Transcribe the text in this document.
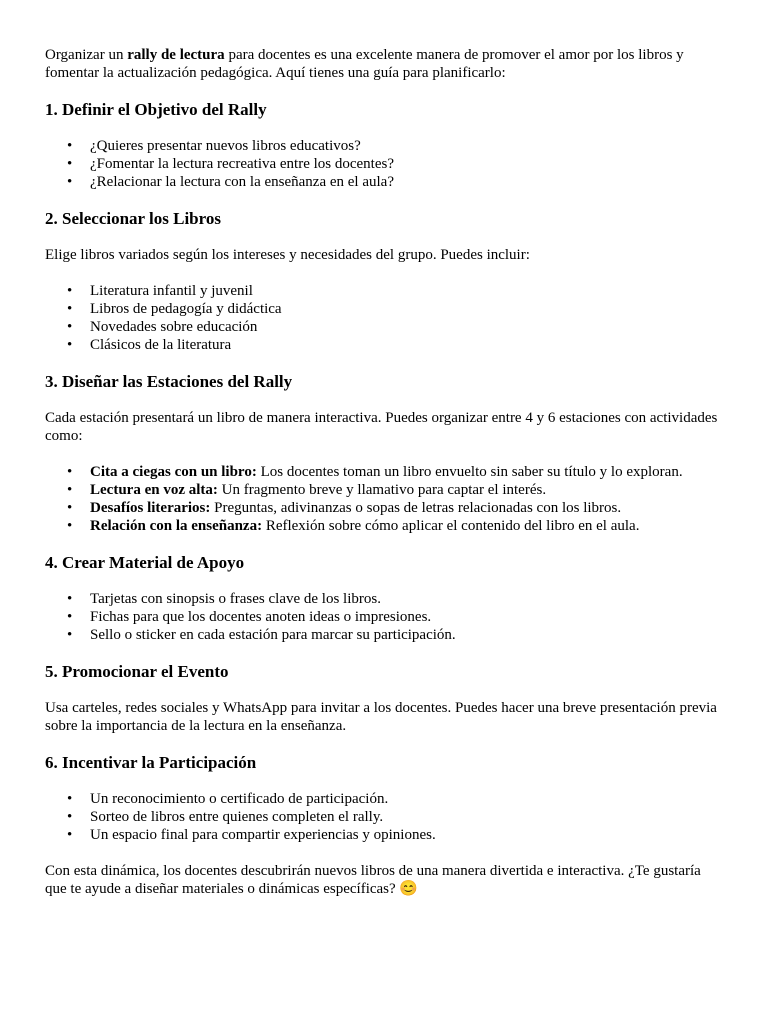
Organizar un rally de lectura para docentes es una excelente manera de promover el amor por los libros y fomentar la actualización pedagógica. Aquí tienes una guía para planificarlo:

1. Definir el Objetivo del Rally
• ¿Quieres presentar nuevos libros educativos?
• ¿Fomentar la lectura recreativa entre los docentes?
• ¿Relacionar la lectura con la enseñanza en el aula?
2. Seleccionar los Libros

Elige libros variados según los intereses y necesidades del grupo. Puedes incluir:

• Literatura infantil y juvenil
• Libros de pedagogía y didáctica
• Novedades sobre educación
• Clásicos de la literatura
3. Diseñar las Estaciones del Rally

Cada estación presentará un libro de manera interactiva. Puedes organizar entre 4 y 6 estaciones con actividades como:

• Cita a ciegas con un libro: Los docentes toman un libro envuelto sin saber su título y lo exploran.
• Lectura en voz alta: Un fragmento breve y llamativo para captar el interés.
• Desafíos literarios: Preguntas, adivinanzas o sopas de letras relacionadas con los libros.
• Relación con la enseñanza: Reflexión sobre cómo aplicar el contenido del libro en el aula.
4. Crear Material de Apoyo
• Tarjetas con sinopsis o frases clave de los libros.
• Fichas para que los docentes anoten ideas o impresiones.
• Sello o sticker en cada estación para marcar su participación.
5. Promocionar el Evento

Usa carteles, redes sociales y WhatsApp para invitar a los docentes. Puedes hacer una breve presentación previa sobre la importancia de la lectura en la enseñanza.

6. Incentivar la Participación
• Un reconocimiento o certificado de participación.
• Sorteo de libros entre quienes completen el rally.
• Un espacio final para compartir experiencias y opiniones.

Con esta dinámica, los docentes descubrirán nuevos libros de una manera divertida e interactiva. ¿Te gustaría que te ayude a diseñar materiales o dinámicas específicas? 😊
